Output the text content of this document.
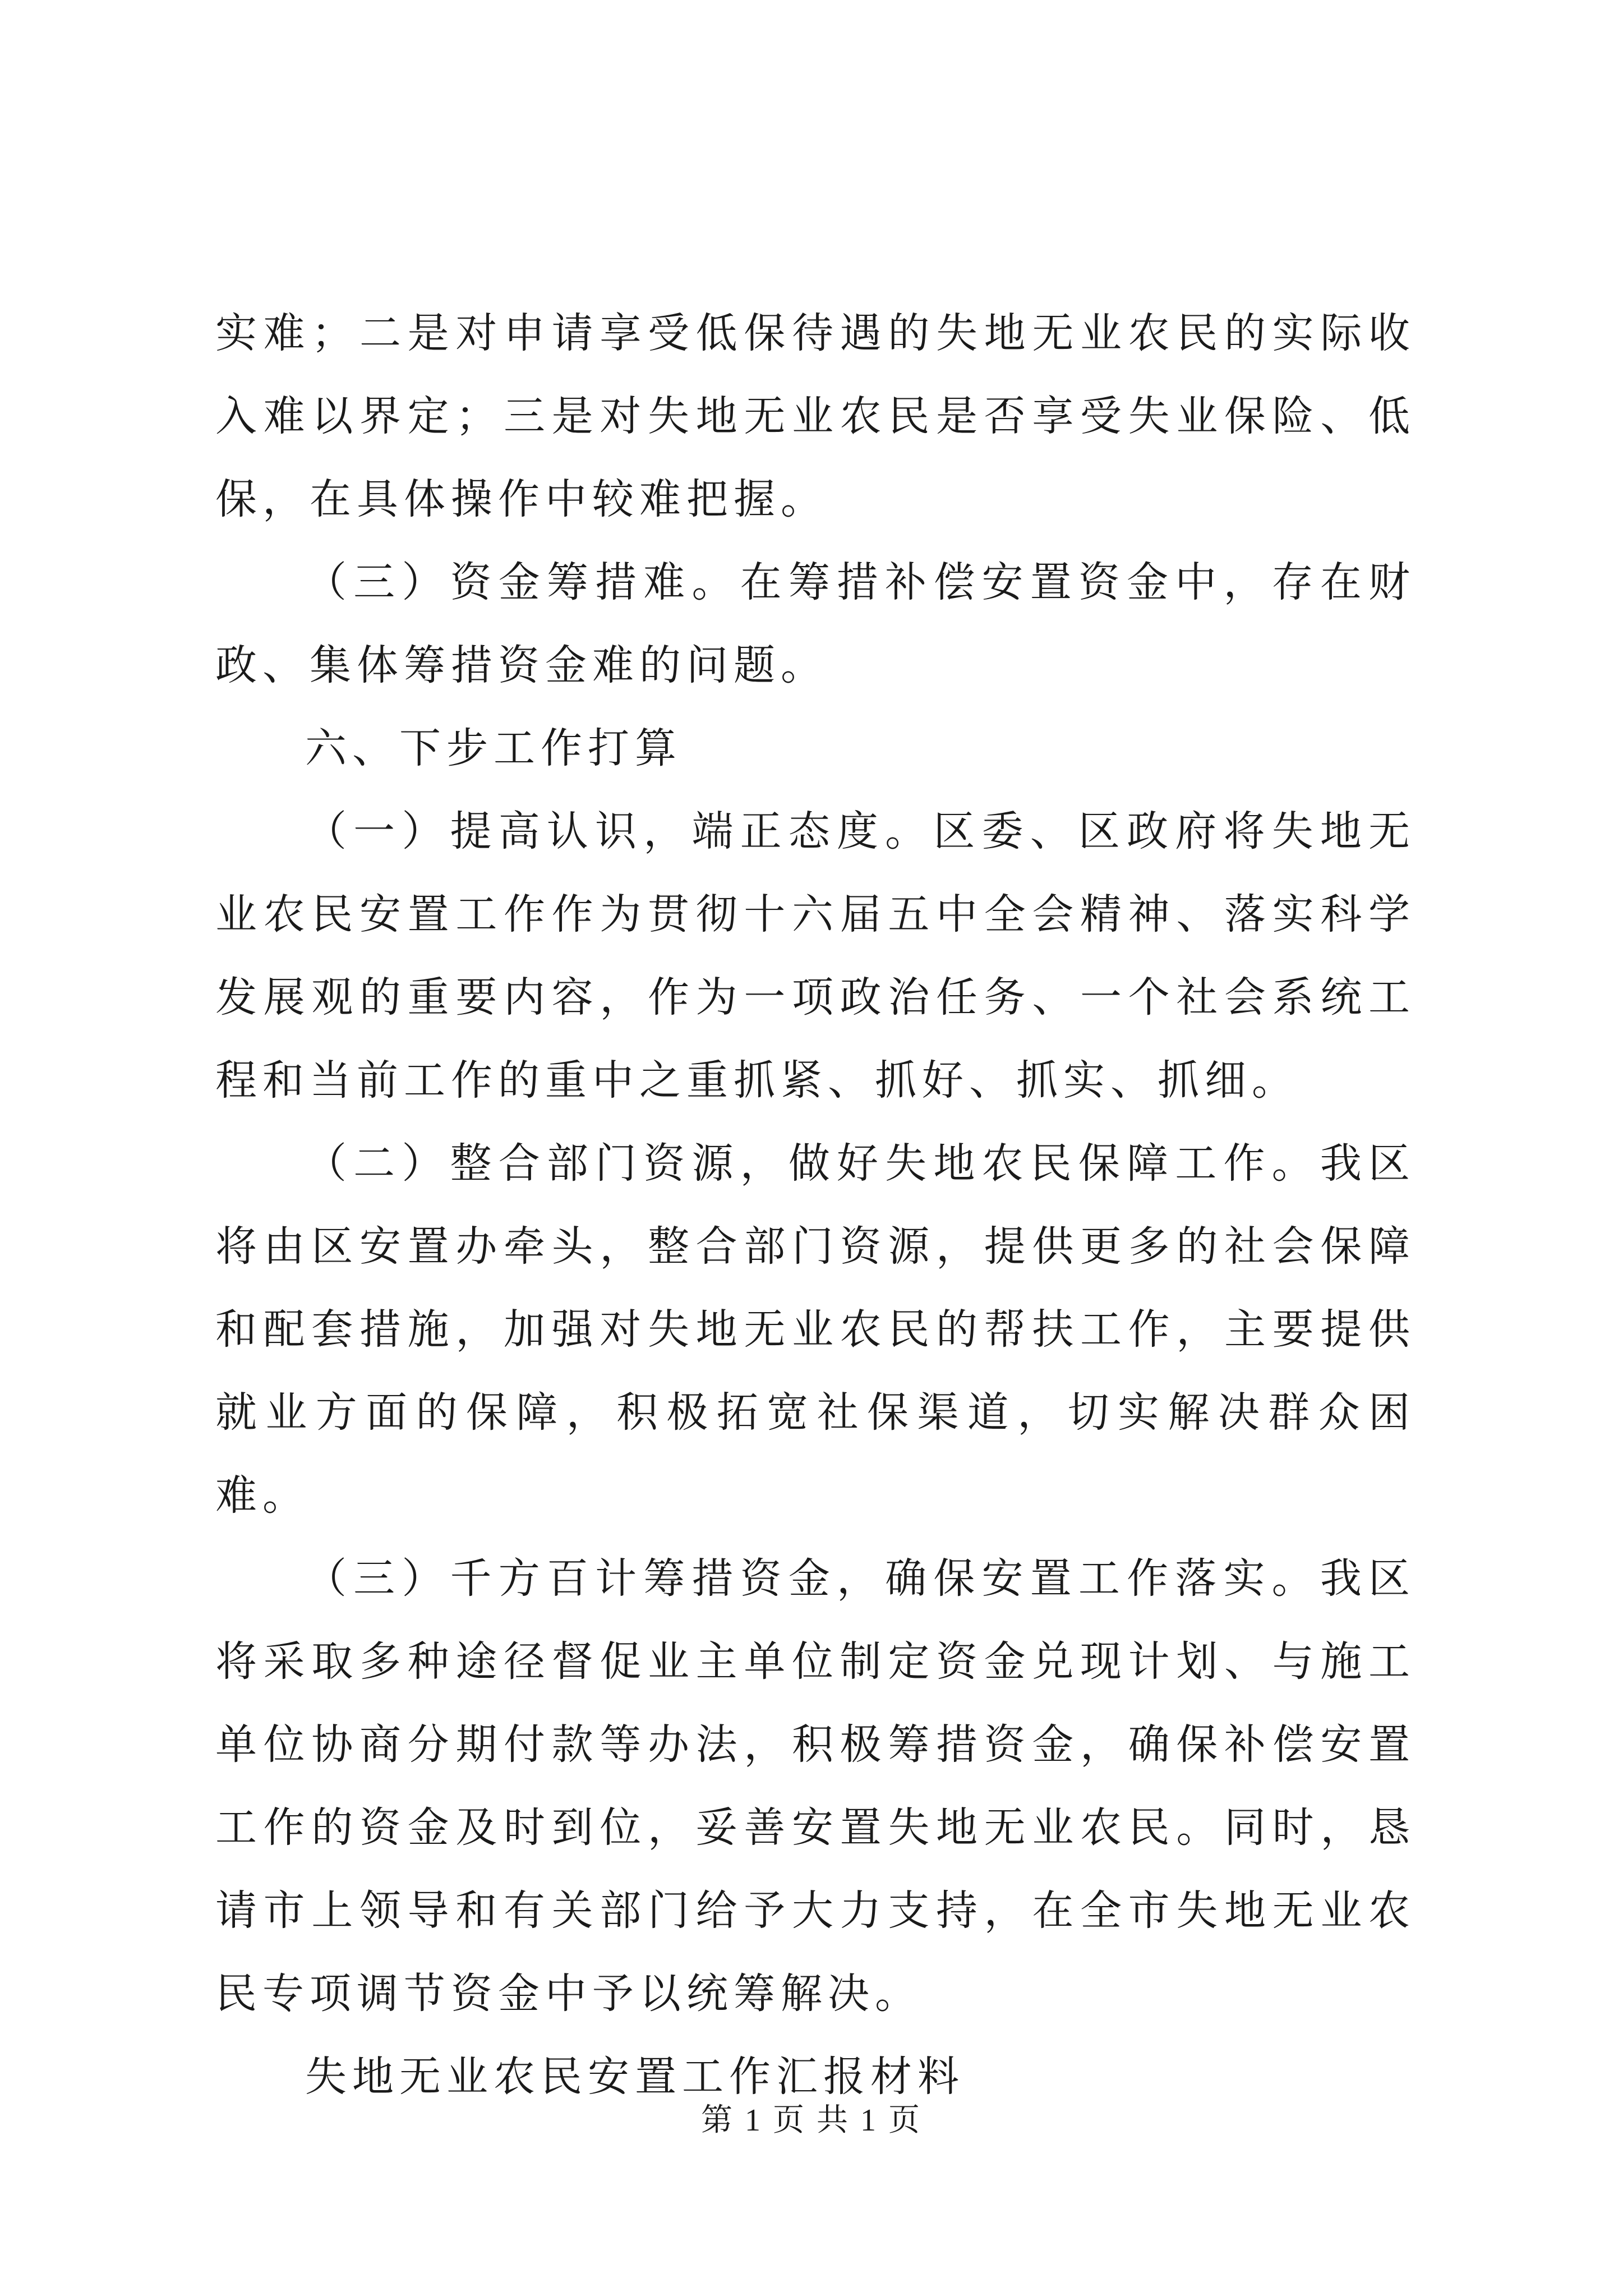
实难；二是对申请享受低保待遇的失地无业农民的实际收入难以界定；三是对失地无业农民是否享受失业保险、低保，在具体操作中较难把握。

（三）资金筹措难。在筹措补偿安置资金中，存在财政、集体筹措资金难的问题。

六、下步工作打算

（一）提高认识，端正态度。区委、区政府将失地无业农民安置工作作为贯彻十六届五中全会精神、落实科学发展观的重要内容，作为一项政治任务、一个社会系统工程和当前工作的重中之重抓紧、抓好、抓实、抓细。

（二）整合部门资源，做好失地农民保障工作。我区将由区安置办牵头，整合部门资源，提供更多的社会保障和配套措施，加强对失地无业农民的帮扶工作，主要提供就业方面的保障，积极拓宽社保渠道，切实解决群众困难。

（三）千方百计筹措资金，确保安置工作落实。我区将采取多种途径督促业主单位制定资金兑现计划、与施工单位协商分期付款等办法，积极筹措资金，确保补偿安置工作的资金及时到位，妥善安置失地无业农民。同时，恳请市上领导和有关部门给予大力支持，在全市失地无业农民专项调节资金中予以统筹解决。

失地无业农民安置工作汇报材料

第 1 页 共 1 页
